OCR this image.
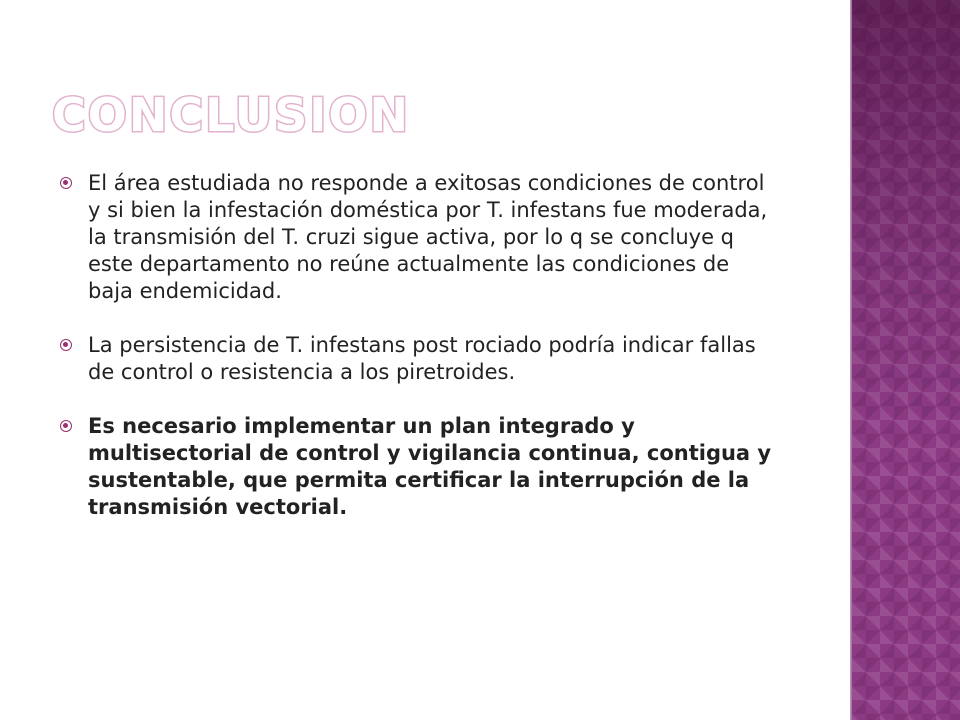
CONCLUSION
El área estudiada no responde a exitosas condiciones de control y si bien la infestación doméstica por T. infestans fue moderada, la transmisión del T. cruzi sigue activa, por lo q se concluye q este departamento no reúne actualmente las condiciones de baja endemicidad.
La persistencia de T. infestans post rociado podría indicar fallas de control o resistencia a los piretroides.
Es necesario implementar un plan integrado y multisectorial de control y vigilancia continua, contigua y sustentable, que permita certificar la interrupción de la transmisión vectorial.
